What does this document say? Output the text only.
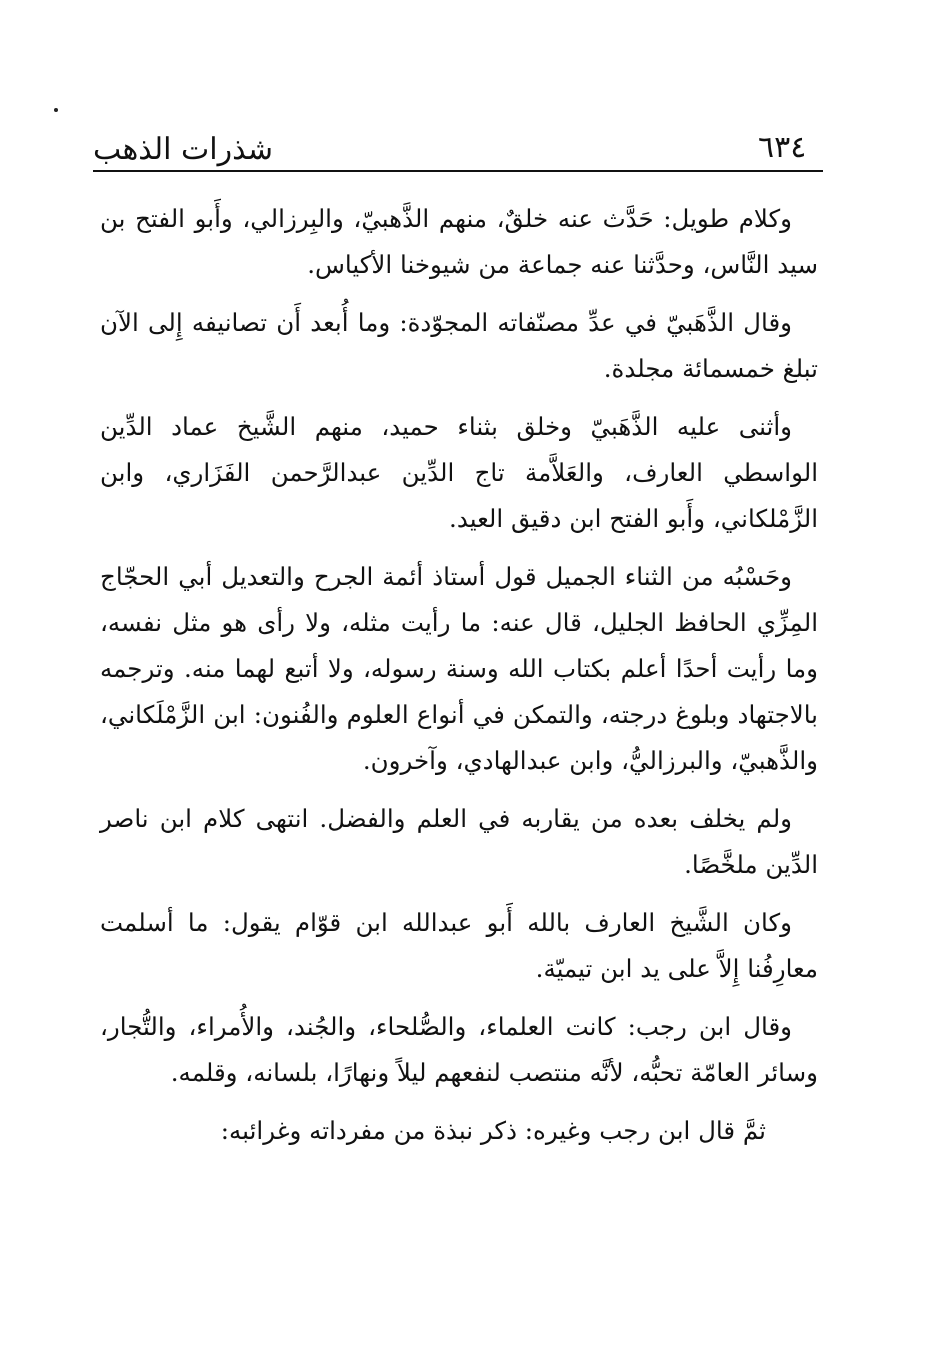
شذرات الذهب	٦٣٤

وكلام طويل: حَدَّث عنه خلقٌ، منهم الذَّهبيّ، والبِرزالي، وأَبو الفتح بن سيد النَّاس، وحدَّثنا عنه جماعة من شيوخنا الأكياس.

وقال الذَّهَبيّ في عدِّ مصنّفاته المجوّدة: وما أُبعد أَن تصانيفه إِلى الآن تبلغ خمسمائة مجلدة.

وأثنى عليه الذَّهَبيّ وخلق بثناء حميد، منهم الشَّيخ عماد الدِّين الواسطي العارف، والعَلاَّمة تاج الدِّين عبدالرَّحمن الفَزَاري، وابن الزَّمْلكاني، وأَبو الفتح ابن دقيق العيد.

وحَسْبُه من الثناء الجميل قول أستاذ أئمة الجرح والتعديل أبي الحجّاج المِزِّي الحافظ الجليل، قال عنه: ما رأيت مثله، ولا رأى هو مثل نفسه، وما رأيت أحدًا أعلم بكتاب الله وسنة رسوله، ولا أتبع لهما منه. وترجمه بالاجتهاد وبلوغ درجته، والتمكن في أنواع العلوم والفُنون: ابن الزَّمْلَكاني، والذَّهبيّ، والبرزاليُّ، وابن عبدالهادي، وآخرون.

ولم يخلف بعده من يقاربه في العلم والفضل. انتهى كلام ابن ناصر الدِّين ملخَّصًا.

وكان الشَّيخ العارف بالله أَبو عبدالله ابن قوّام يقول: ما أسلمت معارِفُنا إِلاَّ على يد ابن تيميّة.

وقال ابن رجب: كانت العلماء، والصُّلحاء، والجُند، والأُمراء، والتُّجار، وسائر العامّة تحبُّه، لأنَّه منتصب لنفعهم ليلاً ونهارًا، بلسانه، وقلمه.

ثمَّ قال ابن رجب وغيره: ذكر نبذة من مفرداته وغرائبه:
